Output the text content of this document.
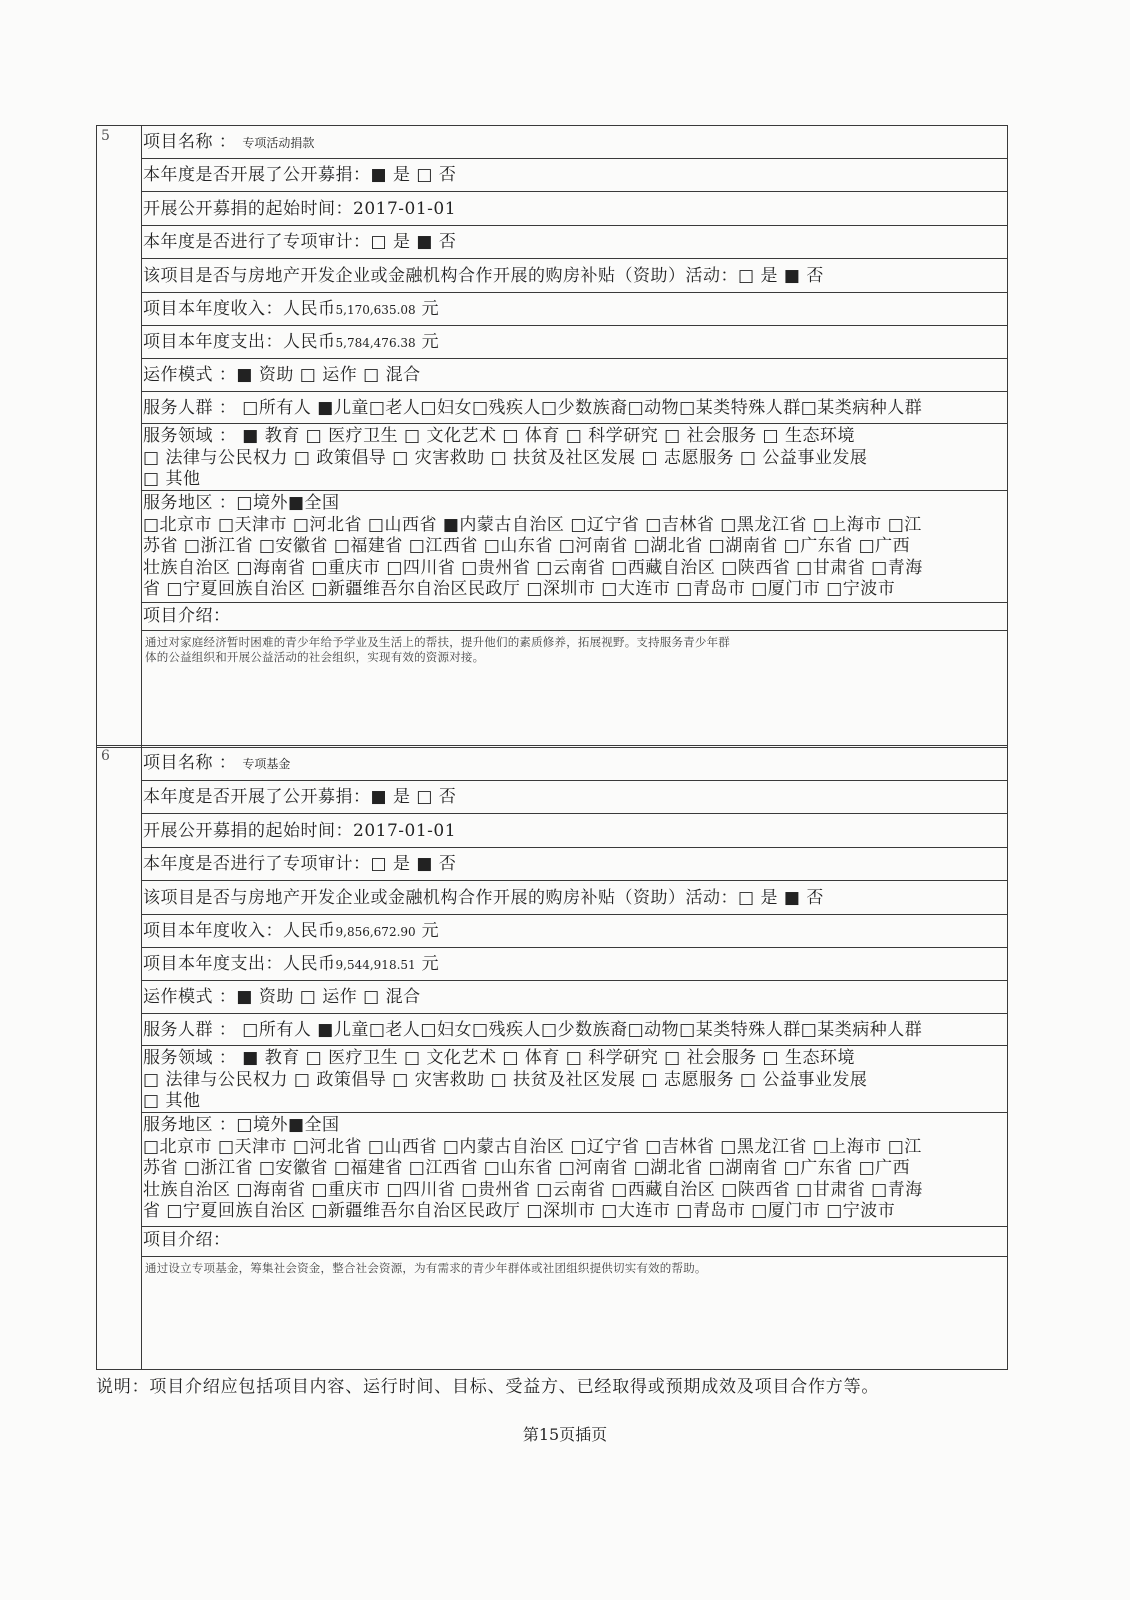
5 项目名称 ： 专项活动捐款
本年度是否开展了公开募捐：■ 是 □ 否
开展公开募捐的起始时间：2017-01-01
本年度是否进行了专项审计：□ 是 ■ 否
该项目是否与房地产开发企业或金融机构合作开展的购房补贴（资助）活动：□ 是 ■ 否
项目本年度收入：人民币5,170,635.08 元
项目本年度支出：人民币5,784,476.38 元
运作模式 ：■ 资助 □ 运作 □ 混合
服务人群 ： □所有人 ■儿童□老人□妇女□残疾人□少数族裔□动物□某类特殊人群□某类病种人群
服务领域 ： ■ 教育 □ 医疗卫生 □ 文化艺术 □ 体育 □ 科学研究 □ 社会服务 □ 生态环境
□ 法律与公民权力 □ 政策倡导 □ 灾害救助 □ 扶贫及社区发展 □ 志愿服务 □ 公益事业发展
□ 其他
服务地区 ：□境外■全国
□北京市 □天津市 □河北省 □山西省 ■内蒙古自治区 □辽宁省 □吉林省 □黑龙江省 □上海市 □江
苏省 □浙江省 □安徽省 □福建省 □江西省 □山东省 □河南省 □湖北省 □湖南省 □广东省 □广西
壮族自治区 □海南省 □重庆市 □四川省 □贵州省 □云南省 □西藏自治区 □陕西省 □甘肃省 □青海
省 □宁夏回族自治区 □新疆维吾尔自治区民政厅 □深圳市 □大连市 □青岛市 □厦门市 □宁波市
项目介绍：
通过对家庭经济暂时困难的青少年给予学业及生活上的帮扶，提升他们的素质修养，拓展视野。支持服务青少年群
体的公益组织和开展公益活动的社会组织，实现有效的资源对接。
6 项目名称 ： 专项基金
本年度是否开展了公开募捐：■ 是 □ 否
开展公开募捐的起始时间：2017-01-01
本年度是否进行了专项审计：□ 是 ■ 否
该项目是否与房地产开发企业或金融机构合作开展的购房补贴（资助）活动：□ 是 ■ 否
项目本年度收入：人民币9,856,672.90 元
项目本年度支出：人民币9,544,918.51 元
运作模式 ：■ 资助 □ 运作 □ 混合
服务人群 ： □所有人 ■儿童□老人□妇女□残疾人□少数族裔□动物□某类特殊人群□某类病种人群
服务领域 ： ■ 教育 □ 医疗卫生 □ 文化艺术 □ 体育 □ 科学研究 □ 社会服务 □ 生态环境
□ 法律与公民权力 □ 政策倡导 □ 灾害救助 □ 扶贫及社区发展 □ 志愿服务 □ 公益事业发展
□ 其他
服务地区 ：□境外■全国
□北京市 □天津市 □河北省 □山西省 □内蒙古自治区 □辽宁省 □吉林省 □黑龙江省 □上海市 □江
苏省 □浙江省 □安徽省 □福建省 □江西省 □山东省 □河南省 □湖北省 □湖南省 □广东省 □广西
壮族自治区 □海南省 □重庆市 □四川省 □贵州省 □云南省 □西藏自治区 □陕西省 □甘肃省 □青海
省 □宁夏回族自治区 □新疆维吾尔自治区民政厅 □深圳市 □大连市 □青岛市 □厦门市 □宁波市
项目介绍：
通过设立专项基金，筹集社会资金，整合社会资源，为有需求的青少年群体或社团组织提供切实有效的帮助。
说明：项目介绍应包括项目内容、运行时间、目标、受益方、已经取得或预期成效及项目合作方等。
第15页插页
